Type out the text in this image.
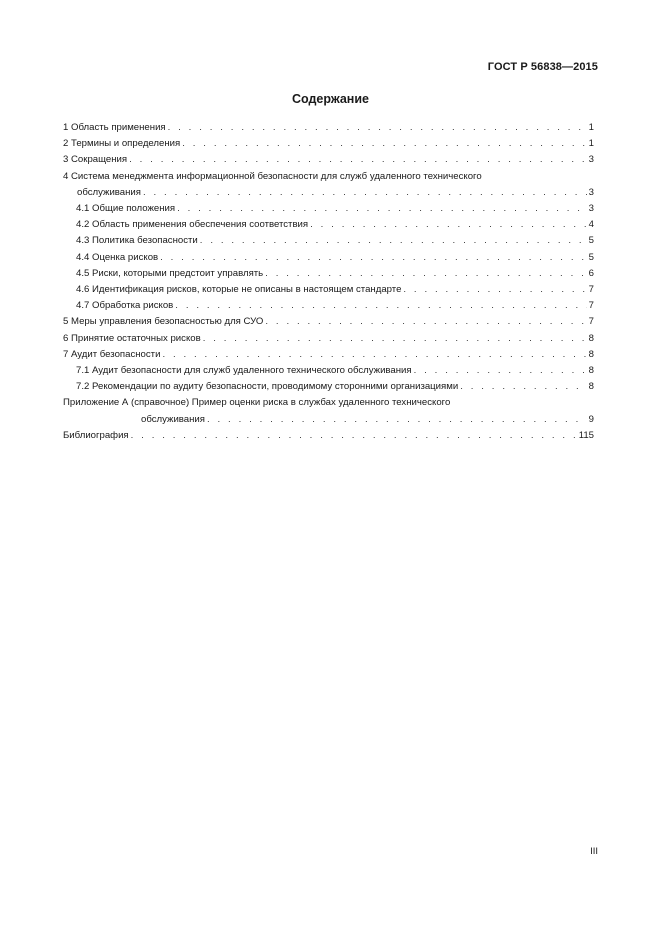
ГОСТ Р 56838—2015
Содержание
1 Область применения . . .	1
2 Термины и определения . . .	1
3 Сокращения . . .	3
4 Система менеджмента информационной безопасности для служб удаленного технического
обслуживания . . .	3
4.1 Общие положения . . .	3
4.2 Область применения обеспечения соответствия . . .	4
4.3 Политика безопасности . . .	5
4.4 Оценка рисков . . .	5
4.5 Риски, которыми предстоит управлять . . .	6
4.6 Идентификация рисков, которые не описаны в настоящем стандарте . . .	7
4.7 Обработка рисков . . .	7
5 Меры управления безопасностью для СУО . . .	7
6 Принятие остаточных рисков . . .	8
7 Аудит безопасности . . .	8
7.1 Аудит безопасности для служб удаленного технического обслуживания . . .	8
7.2 Рекомендации по аудиту безопасности, проводимому сторонними организациями . . .	8
Приложение А (справочное) Пример оценки риска в службах удаленного технического
обслуживания . . .	9
Библиография . . .	115
III
